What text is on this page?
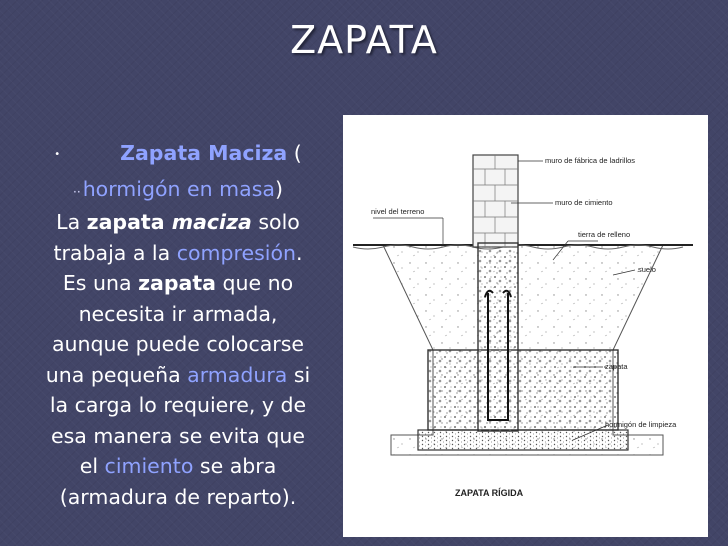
ZAPATA
•	Zapata Maciza (
··hormigón en masa)
La zapata maciza solo
trabaja a la compresión.
Es una zapata que no
necesita ir armada,
aunque puede colocarse
una pequeña armadura si
la carga lo requiere, y de
esa manera se evita que
el cimiento se abra
(armadura de reparto).
muro de fábrica de ladrillos
nivel del terreno
muro de cimiento
tierra de relleno
suelo
zapata
hormigón de limpieza
ZAPATA RÍGIDA
